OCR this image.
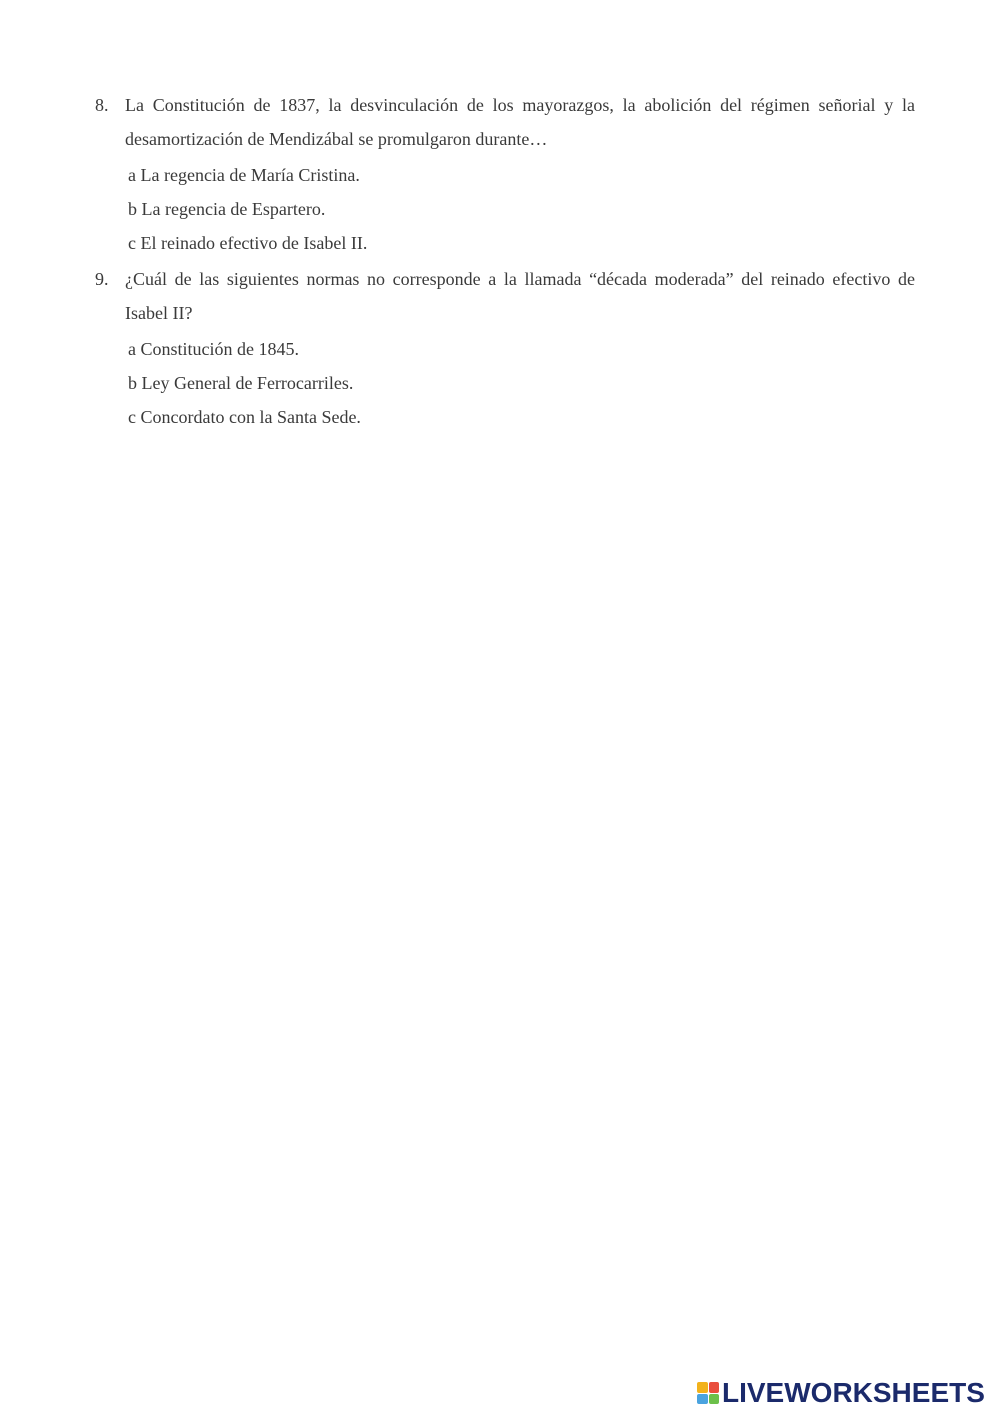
8. La Constitución de 1837, la desvinculación de los mayorazgos, la abolición del régimen señorial y la desamortización de Mendizábal se promulgaron durante…
a La regencia de María Cristina.
b La regencia de Espartero.
c El reinado efectivo de Isabel II.
9. ¿Cuál de las siguientes normas no corresponde a la llamada “década moderada” del reinado efectivo de Isabel II?
a Constitución de 1845.
b Ley General de Ferrocarriles.
c Concordato con la Santa Sede.
LIVEWORKSHEETS
